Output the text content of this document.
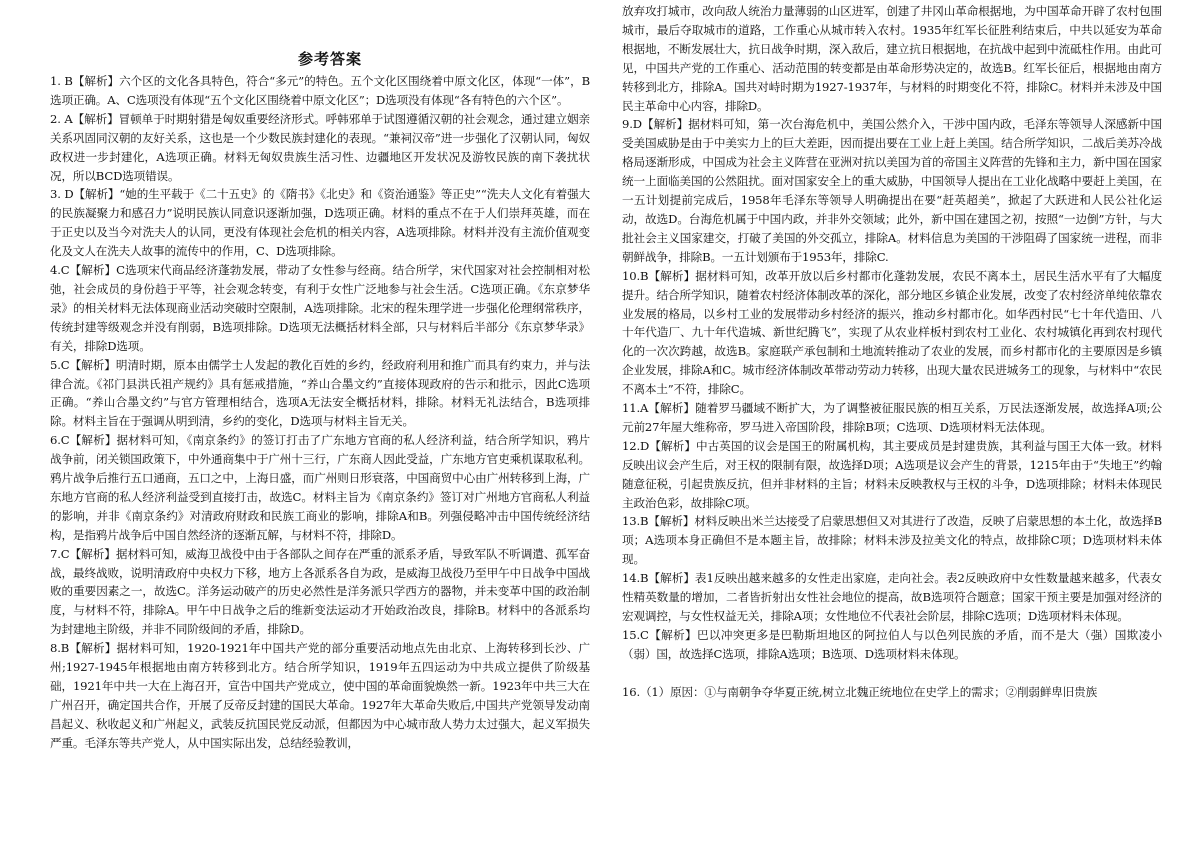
参考答案

1. B【解析】六个区的文化各具特色，符合“多元”的特色。五个文化区围绕着中原文化区，体现“一体”，B选项正确。A、C选项没有体现“五个文化区围绕着中原文化区”；D选项没有体现“各有特色的六个区”。

2. A【解析】冒顿单于时期射猎是匈奴重要经济形式。呼韩邪单于试图遵循汉朝的社会观念，通过建立姻亲关系巩固同汉朝的友好关系，这也是一个少数民族封建化的表现。“兼祠汉帝”进一步强化了汉朝认同，匈奴政权进一步封建化，A选项正确。材料无匈奴贵族生活习性、边疆地区开发状况及游牧民族的南下袭扰状况，所以BCD选项错误。

3. D【解析】“她的生平载于《二十五史》的《隋书》《北史》和《资治通鉴》等正史”“洗夫人文化有着强大的民族凝聚力和感召力”说明民族认同意识逐渐加强，D选项正确。材料的重点不在于人们崇拜英雄，而在于正史以及当今对洗夫人的认同，更没有体现社会危机的相关内容，A选项排除。材料并没有主流价值观变化及文人在洗夫人故事的流传中的作用，C、D选项排除。

4.C【解析】C选项宋代商品经济蓬勃发展，带动了女性参与经商。结合所学，宋代国家对社会控制相对松弛，社会成员的身份趋于平等，社会观念转变，有利于女性广泛地参与社会生活。C选项正确。《东京梦华录》的相关材料无法体现商业活动突破时空限制，A选项排除。北宋的程朱理学进一步强化伦理纲常秩序，传统封建等级观念并没有削弱，B选项排除。D选项无法概括材料全部，只与材料后半部分《东京梦华录》有关，排除D选项。

5.C【解析】明清时期，原本由儒学士人发起的教化百姓的乡约，经政府利用和推广而具有约束力，并与法律合流。《祁门县洪氏祖产规约》具有惩戒措施，“养山合墨文约”直接体现政府的告示和批示，因此C选项正确。“养山合墨文约”与官方管理相结合，选项A无法安全概括材料，排除。材料无礼法结合，B选项排除。材料主旨在于强调从明到清，乡约的变化，D选项与材料主旨无关。

6.C【解析】据材料可知，《南京条约》的签订打击了广东地方官商的私人经济利益，结合所学知识，鸦片战争前，闭关锁国政策下，中外通商集中于广州十三行，广东商人因此受益，广东地方官吏乘机谋取私利。鸦片战争后推行五口通商，五口之中，上海日盛，而广州则日形衰落，中国商贸中心由广州转移到上海，广东地方官商的私人经济利益受到直接打击，故选C。材料主旨为《南京条约》签订对广州地方官商私人利益的影响，并非《南京条约》对清政府财政和民族工商业的影响，排除A和B。列强侵略冲击中国传统经济结构，是指鸦片战争后中国自然经济的逐渐瓦解，与材料不符，排除D。

7.C【解析】据材料可知，威海卫战役中由于各部队之间存在严重的派系矛盾，导致军队不听调遣、孤军奋战，最终战败，说明清政府中央权力下移，地方上各派系各自为政，是威海卫战役乃至甲午中日战争中国战败的重要因素之一，故选C。洋务运动破产的历史必然性是洋务派只学西方的器物，并未变革中国的政治制度，与材料不符，排除A。甲午中日战争之后的维新变法运动才开始政治改良，排除B。材料中的各派系均为封建地主阶级，并非不同阶级间的矛盾，排除D。

8.B【解析】据材料可知，1920-1921年中国共产党的部分重要活动地点先由北京、上海转移到长沙、广州;1927-1945年根据地由南方转移到北方。结合所学知识，1919年五四运动为中共成立提供了阶级基础，1921年中共一大在上海召开，宣告中国共产党成立，使中国的革命面貌焕然一新。1923年中共三大在广州召开，确定国共合作，开展了反帝反封建的国民大革命。1927年大革命失败后,中国共产党领导发动南昌起义、秋收起义和广州起义，武装反抗国民党反动派，但都因为中心城市敌人势力太过强大，起义军损失严重。毛泽东等共产党人，从中国实际出发，总结经验教训，

放弃攻打城市，改向敌人统治力量薄弱的山区进军，创建了井冈山革命根据地，为中国革命开辟了农村包围城市，最后夺取城市的道路，工作重心从城市转入农村。1935年红军长征胜利结束后，中共以延安为革命根据地，不断发展壮大，抗日战争时期，深入敌后，建立抗日根据地，在抗战中起到中流砥柱作用。由此可见，中国共产党的工作重心、活动范围的转变都是由革命形势决定的，故选B。红军长征后，根据地由南方转移到北方，排除A。国共对峙时期为1927-1937年，与材料的时期变化不符，排除C。材料并未涉及中国民主革命中心内容，排除D。

9.D【解析】据材料可知，第一次台海危机中，美国公然介入，干涉中国内政，毛泽东等领导人深感新中国受美国威胁是由于中美实力上的巨大差距，因而提出要在工业上赶上美国。结合所学知识，二战后美苏冷战格局逐渐形成，中国成为社会主义阵营在亚洲对抗以美国为首的帝国主义阵营的先锋和主力，新中国在国家统一上面临美国的公然阻扰。面对国家安全上的重大威胁，中国领导人提出在工业化战略中要赶上美国，在一五计划提前完成后，1958年毛泽东等领导人明确提出在要“赶英超美”，掀起了大跃进和人民公社化运动，故选D。台海危机属于中国内政，并非外交领域；此外，新中国在建国之初，按照“一边倒”方针，与大批社会主义国家建交，打破了美国的外交孤立，排除A。材料信息为美国的干涉阻碍了国家统一进程，而非朝鲜战争，排除B。一五计划颁布于1953年，排除C.

10.B【解析】据材料可知，改革开放以后乡村都市化蓬勃发展，农民不离本土，居民生活水平有了大幅度提升。结合所学知识，随着农村经济体制改革的深化，部分地区乡镇企业发展，改变了农村经济单纯依靠农业发展的格局，以乡村工业的发展带动乡村经济的振兴，推动乡村都市化。如华西村民“七十年代造田、八十年代造厂、九十年代造城、新世纪腾飞”，实现了从农业样板村到农村工业化、农村城镇化再到农村现代化的一次次跨越，故选B。家庭联产承包制和土地流转推动了农业的发展，而乡村都市化的主要原因是乡镇企业发展，排除A和C。城市经济体制改革带动劳动力转移，出现大量农民进城务工的现象，与材料中“农民不离本土”不符，排除C。

11.A【解析】随着罗马疆域不断扩大，为了调整被征服民族的相互关系，万民法逐渐发展，故选择A项;公元前27年屋大维称帝，罗马进入帝国阶段，排除B项；C选项、D选项材料无法体现。

12.D【解析】中古英国的议会是国王的附属机构，其主要成员是封建贵族，其利益与国王大体一致。材料反映出议会产生后，对王权的限制有限，故选择D项；A选项是议会产生的背景，1215年由于“失地王”约翰随意征税，引起贵族反抗，但并非材料的主旨；材料未反映教权与王权的斗争，D选项排除；材料未体现民主政治色彩，故排除C项。

13.B【解析】材料反映出米兰达接受了启蒙思想但又对其进行了改造，反映了启蒙思想的本土化，故选择B项；A选项本身正确但不是本题主旨，故排除；材料未涉及拉美文化的特点，故排除C项；D选项材料未体现。

14.B【解析】表1反映出越来越多的女性走出家庭，走向社会。表2反映政府中女性数量越来越多，代表女性精英数量的增加，二者皆折射出女性社会地位的提高，故B选项符合题意；国家干预主要是加强对经济的宏观调控，与女性权益无关，排除A项；女性地位不代表社会阶层，排除C选项；D选项材料未体现。

15.C【解析】巴以冲突更多是巴勒斯坦地区的阿拉伯人与以色列民族的矛盾，而不是大（强）国欺凌小（弱）国，故选择C选项，排除A选项；B选项、D选项材料未体现。

16.（1）原因：①与南朝争夺华夏正统,树立北魏正统地位在史学上的需求；②削弱鲜卑旧贵族
